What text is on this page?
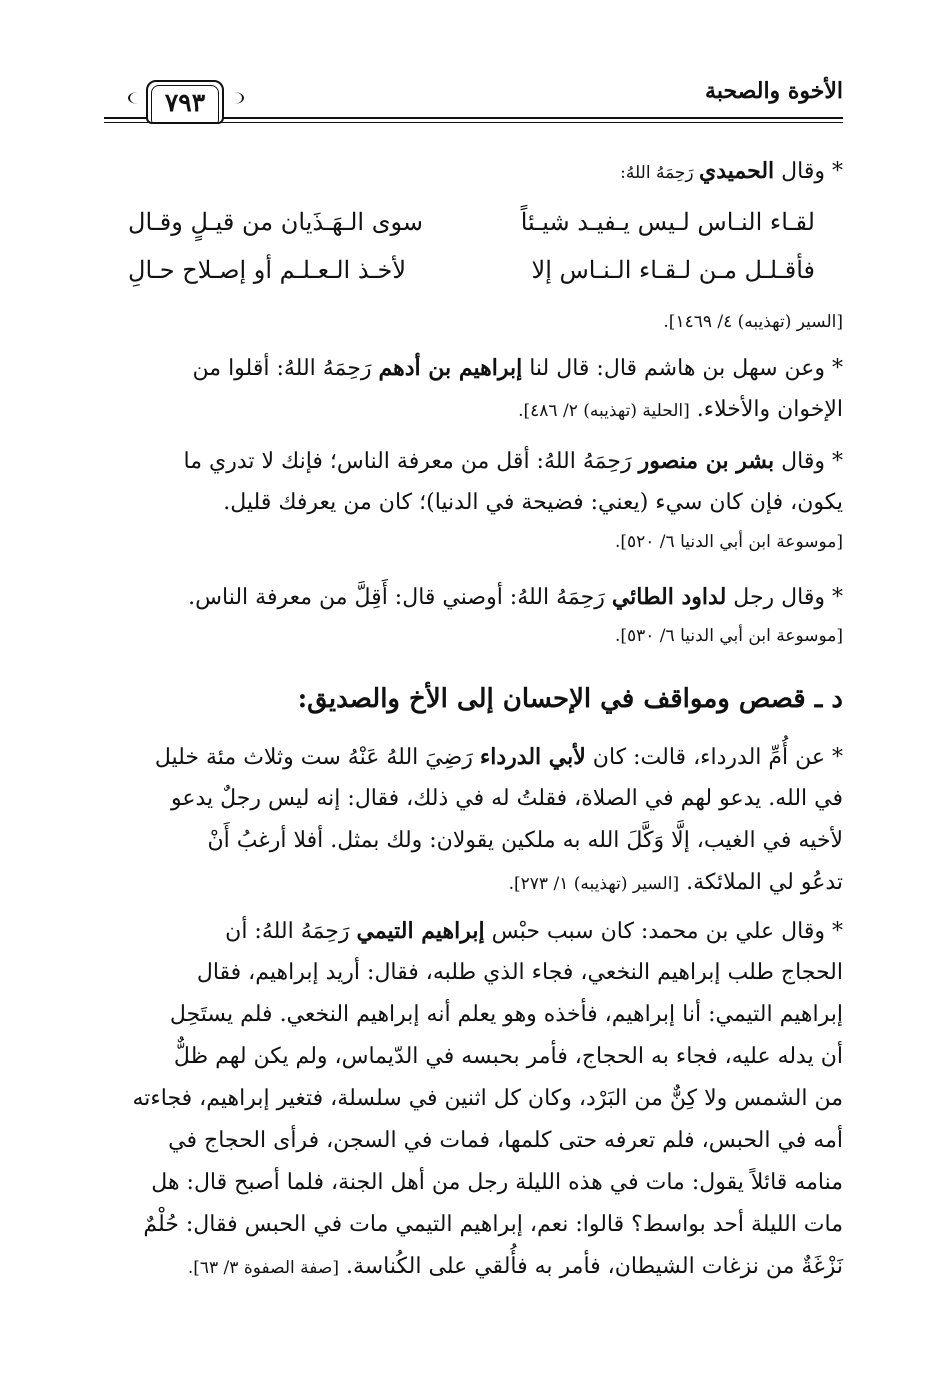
الأخوة والصحبة
٧٩٣
* وقال الحميدي رَحِمَهُ اللهُ:
لقـاء النـاس لـيس يـفيـد شيـئاً
سوى الـهَـذَيان من قيـلٍ وقـال
فأقـلـل مـن لـقـاء الـنـاس إلا
لأخـذ الـعـلـم أو إصـلاح حـالِ
[السير (تهذيبه) ٤/ ١٤٦٩].
* وعن سهل بن هاشم قال: قال لنا إبراهيم بن أدهم رَحِمَهُ اللهُ: أقلوا من
الإخوان والأخلاء. [الحلية (تهذيبه) ٢/ ٤٨٦].
* وقال بشر بن منصور رَحِمَهُ اللهُ: أقل من معرفة الناس؛ فإنك لا تدري ما
يكون، فإن كان سيء (يعني: فضيحة في الدنيا)؛ كان من يعرفك قليل.
[موسوعة ابن أبي الدنيا ٦/ ٥٢٠].
* وقال رجل لداود الطائي رَحِمَهُ اللهُ: أوصني قال: أَقِلَّ من معرفة الناس.
[موسوعة ابن أبي الدنيا ٦/ ٥٣٠].
د ـ قصص ومواقف في الإحسان إلى الأخ والصديق:
* عن أُمِّ الدرداء، قالت: كان لأبي الدرداء رَضِيَ اللهُ عَنْهُ ست وثلاث مئة خليل
في الله. يدعو لهم في الصلاة، فقلتُ له في ذلك، فقال: إنه ليس رجلٌ يدعو
لأخيه في الغيب، إلَّا وَكَّلَ الله به ملكين يقولان: ولك بمثل. أفلا أرغبُ أَنْ
تدعُو لي الملائكة. [السير (تهذيبه) ١/ ٢٧٣].
* وقال علي بن محمد: كان سبب حبْس إبراهيم التيمي رَحِمَهُ اللهُ: أن
الحجاج طلب إبراهيم النخعي، فجاء الذي طلبه، فقال: أريد إبراهيم، فقال
إبراهيم التيمي: أنا إبراهيم، فأخذه وهو يعلم أنه إبراهيم النخعي. فلم يستَحِل
أن يدله عليه، فجاء به الحجاج، فأمر بحبسه في الدّيماس، ولم يكن لهم ظلٌّ
من الشمس ولا كِنٌّ من البَرْد، وكان كل اثنين في سلسلة، فتغير إبراهيم، فجاءته
أمه في الحبس، فلم تعرفه حتى كلمها، فمات في السجن، فرأى الحجاج في
منامه قائلاً يقول: مات في هذه الليلة رجل من أهل الجنة، فلما أصبح قال: هل
مات الليلة أحد بواسط؟ قالوا: نعم، إبراهيم التيمي مات في الحبس فقال: حُلْمٌ
نَزْغَةٌ من نزغات الشيطان، فأمر به فأُلقي على الكُناسة. [صفة الصفوة ٣/ ٦٣].
